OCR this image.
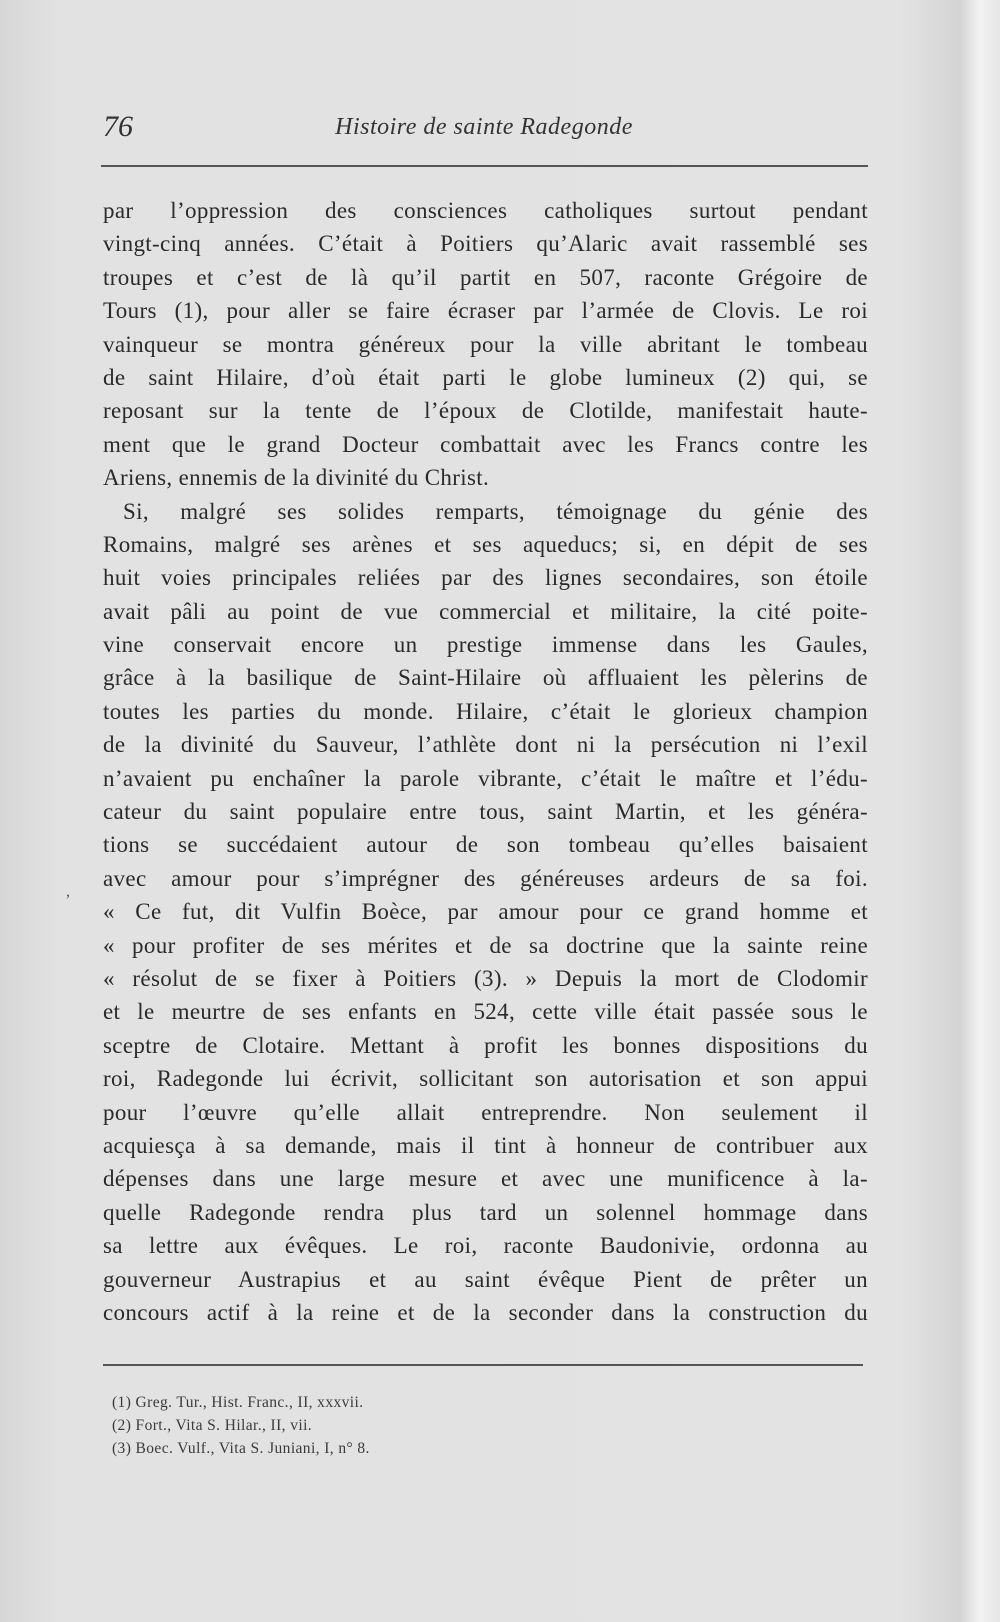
76	Histoire de sainte Radegonde
par l’oppression des consciences catholiques surtout pendant
vingt-cinq années. C’était à Poitiers qu’Alaric avait rassemblé ses
troupes et c’est de là qu’il partit en 507, raconte Grégoire de
Tours (1), pour aller se faire écraser par l’armée de Clovis. Le roi
vainqueur se montra généreux pour la ville abritant le tombeau
de saint Hilaire, d’où était parti le globe lumineux (2) qui, se
reposant sur la tente de l’époux de Clotilde, manifestait haute-
ment que le grand Docteur combattait avec les Francs contre les
Ariens, ennemis de la divinité du Christ.
Si, malgré ses solides remparts, témoignage du génie des
Romains, malgré ses arènes et ses aqueducs; si, en dépit de ses
huit voies principales reliées par des lignes secondaires, son étoile
avait pâli au point de vue commercial et militaire, la cité poite-
vine conservait encore un prestige immense dans les Gaules,
grâce à la basilique de Saint-Hilaire où affluaient les pèlerins de
toutes les parties du monde. Hilaire, c’était le glorieux champion
de la divinité du Sauveur, l’athlète dont ni la persécution ni l’exil
n’avaient pu enchaîner la parole vibrante, c’était le maître et l’édu-
cateur du saint populaire entre tous, saint Martin, et les généra-
tions se succédaient autour de son tombeau qu’elles baisaient
avec amour pour s’imprégner des généreuses ardeurs de sa foi.
« Ce fut, dit Vulfin Boèce, par amour pour ce grand homme et
« pour profiter de ses mérites et de sa doctrine que la sainte reine
« résolut de se fixer à Poitiers (3). » Depuis la mort de Clodomir
et le meurtre de ses enfants en 524, cette ville était passée sous le
sceptre de Clotaire. Mettant à profit les bonnes dispositions du
roi, Radegonde lui écrivit, sollicitant son autorisation et son appui
pour l’œuvre qu’elle allait entreprendre. Non seulement il
acquiesça à sa demande, mais il tint à honneur de contribuer aux
dépenses dans une large mesure et avec une munificence à la-
quelle Radegonde rendra plus tard un solennel hommage dans
sa lettre aux évêques. Le roi, raconte Baudonivie, ordonna au
gouverneur Austrapius et au saint évêque Pient de prêter un
concours actif à la reine et de la seconder dans la construction du
,
(1) Greg. Tur., Hist. Franc., II, xxxvii.
(2) Fort., Vita S. Hilar., II, vii.
(3) Boec. Vulf., Vita S. Juniani, I, n° 8.
